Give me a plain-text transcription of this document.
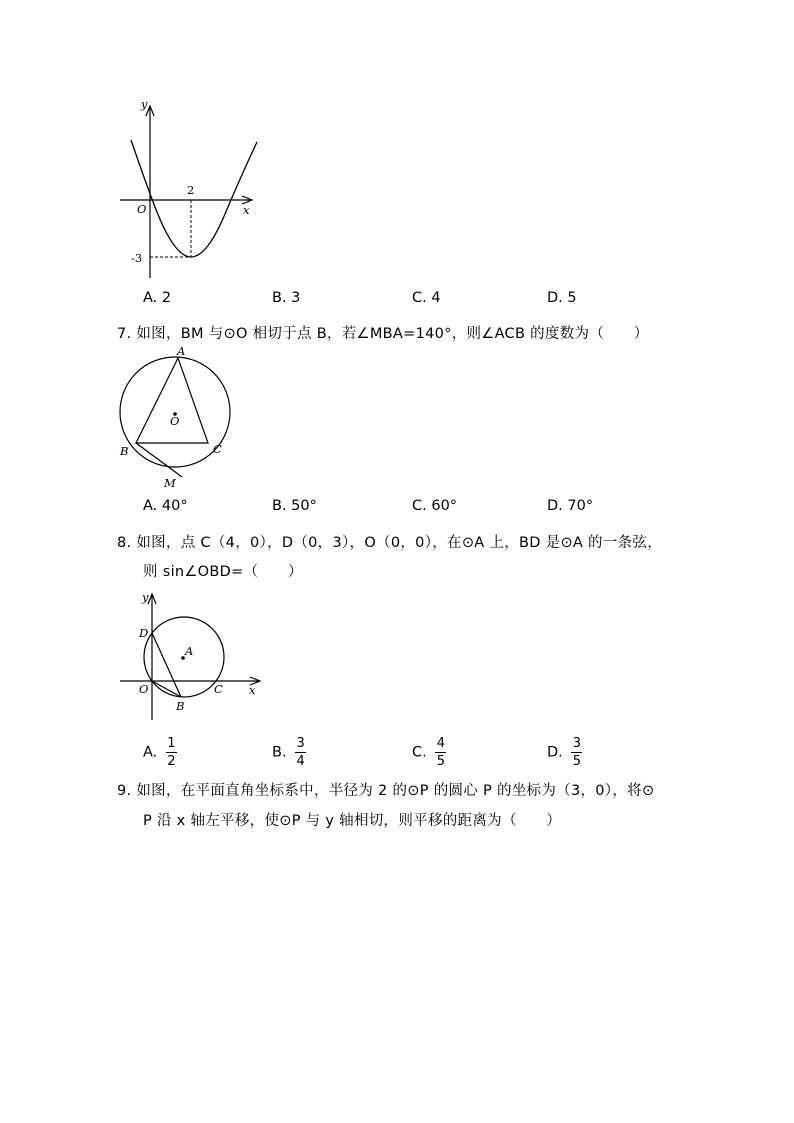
y
x
O
2
-3
A. 2	B. 3	C. 4	D. 5
7. 如图，BM 与⊙O 相切于点 B，若∠MBA=140°，则∠ACB 的度数为（　　）
A
O
B	C
M
A. 40°	B. 50°	C. 60°	D. 70°
8. 如图，点 C（4，0），D（0，3），O（0，0），在⊙A 上，BD 是⊙A 的一条弦，
则 sin∠OBD=（　　）
y
x
D
A
O	C
B
A. $\frac{1}{2}$	B. $\frac{3}{4}$	C. $\frac{4}{5}$	D. $\frac{3}{5}$
9. 如图，在平面直角坐标系中，半径为 2 的⊙P 的圆心 P 的坐标为（3，0），将⊙
P 沿 x 轴左平移，使⊙P 与 y 轴相切，则平移的距离为（　　）
